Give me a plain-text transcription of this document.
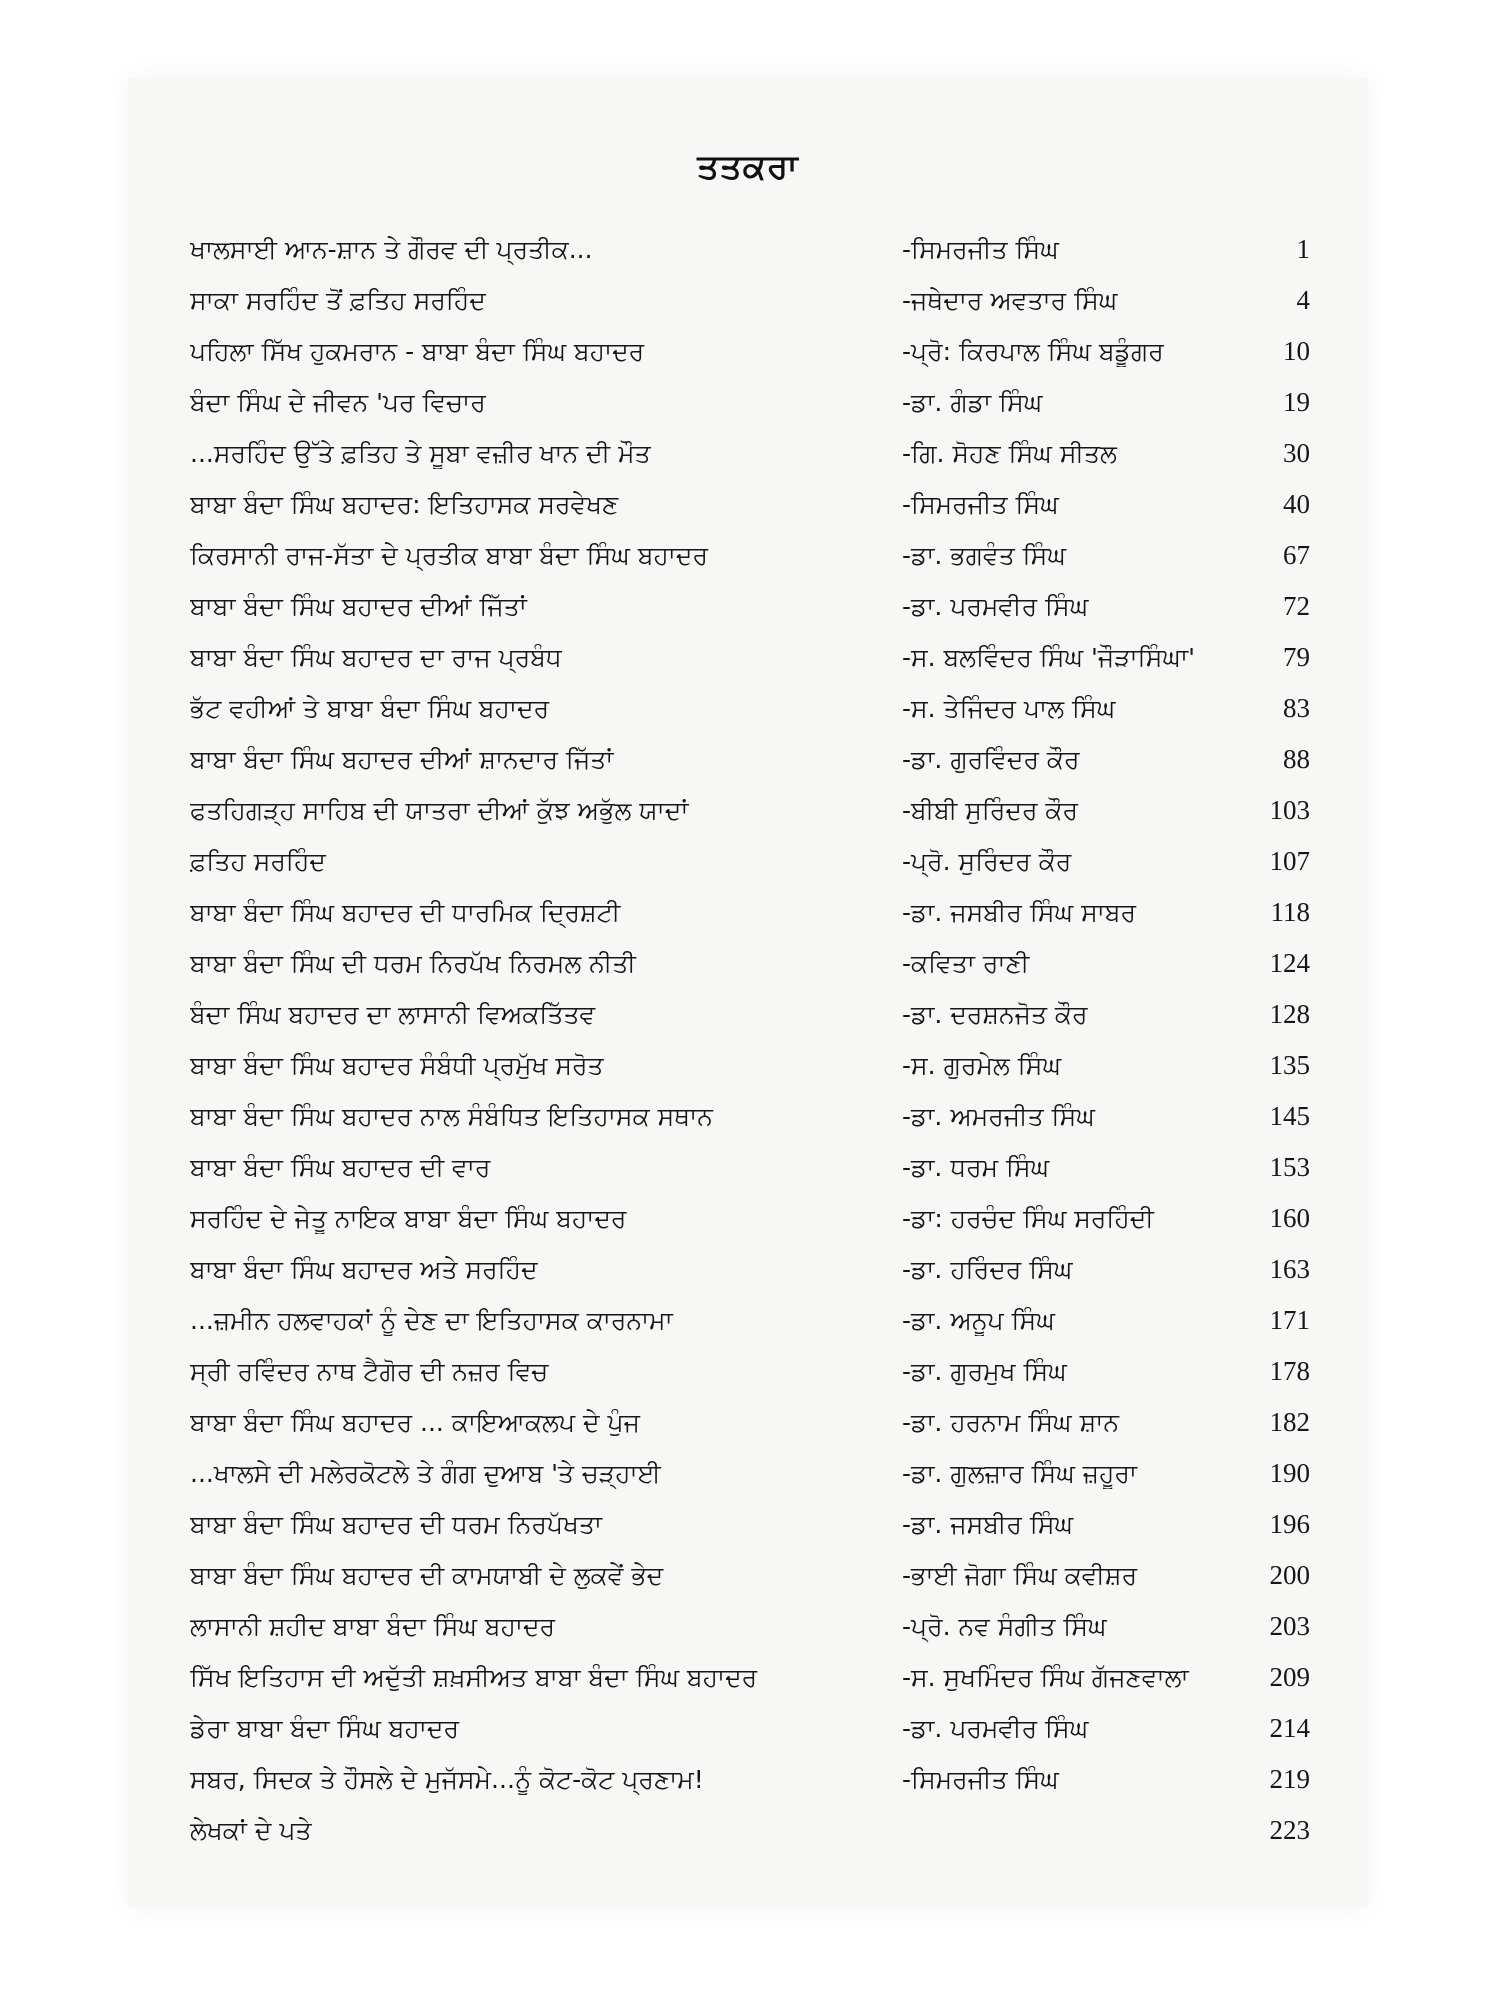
ਤਤਕਰਾ
ਖਾਲਸਾਈ ਆਨ-ਸ਼ਾਨ ਤੇ ਗੌਰਵ ਦੀ ਪ੍ਰਤੀਕ...	-ਸਿਮਰਜੀਤ ਸਿੰਘ	1
ਸਾਕਾ ਸਰਹਿੰਦ ਤੋਂ ਫ਼ਤਿਹ ਸਰਹਿੰਦ	-ਜਥੇਦਾਰ ਅਵਤਾਰ ਸਿੰਘ	4
ਪਹਿਲਾ ਸਿੱਖ ਹੁਕਮਰਾਨ - ਬਾਬਾ ਬੰਦਾ ਸਿੰਘ ਬਹਾਦਰ	-ਪ੍ਰੋ: ਕਿਰਪਾਲ ਸਿੰਘ ਬਡੂੰਗਰ	10
ਬੰਦਾ ਸਿੰਘ ਦੇ ਜੀਵਨ 'ਪਰ ਵਿਚਾਰ	-ਡਾ. ਗੰਡਾ ਸਿੰਘ	19
...ਸਰਹਿੰਦ ਉੱਤੇ ਫ਼ਤਿਹ ਤੇ ਸੂਬਾ ਵਜ਼ੀਰ ਖਾਨ ਦੀ ਮੌਤ	-ਗਿ. ਸੋਹਣ ਸਿੰਘ ਸੀਤਲ	30
ਬਾਬਾ ਬੰਦਾ ਸਿੰਘ ਬਹਾਦਰ: ਇਤਿਹਾਸਕ ਸਰਵੇਖਣ	-ਸਿਮਰਜੀਤ ਸਿੰਘ	40
ਕਿਰਸਾਨੀ ਰਾਜ-ਸੱਤਾ ਦੇ ਪ੍ਰਤੀਕ ਬਾਬਾ ਬੰਦਾ ਸਿੰਘ ਬਹਾਦਰ	-ਡਾ. ਭਗਵੰਤ ਸਿੰਘ	67
ਬਾਬਾ ਬੰਦਾ ਸਿੰਘ ਬਹਾਦਰ ਦੀਆਂ ਜਿੱਤਾਂ	-ਡਾ. ਪਰਮਵੀਰ ਸਿੰਘ	72
ਬਾਬਾ ਬੰਦਾ ਸਿੰਘ ਬਹਾਦਰ ਦਾ ਰਾਜ ਪ੍ਰਬੰਧ	-ਸ. ਬਲਵਿੰਦਰ ਸਿੰਘ 'ਜੌੜਾਸਿੰਘਾ'	79
ਭੱਟ ਵਹੀਆਂ ਤੇ ਬਾਬਾ ਬੰਦਾ ਸਿੰਘ ਬਹਾਦਰ	-ਸ. ਤੇਜਿੰਦਰ ਪਾਲ ਸਿੰਘ	83
ਬਾਬਾ ਬੰਦਾ ਸਿੰਘ ਬਹਾਦਰ ਦੀਆਂ ਸ਼ਾਨਦਾਰ ਜਿੱਤਾਂ	-ਡਾ. ਗੁਰਵਿੰਦਰ ਕੌਰ	88
ਫਤਹਿਗੜ੍ਹ ਸਾਹਿਬ ਦੀ ਯਾਤਰਾ ਦੀਆਂ ਕੁੱਝ ਅਭੁੱਲ ਯਾਦਾਂ	-ਬੀਬੀ ਸੁਰਿੰਦਰ ਕੌਰ	103
ਫ਼ਤਿਹ ਸਰਹਿੰਦ	-ਪ੍ਰੋ. ਸੁਰਿੰਦਰ ਕੌਰ	107
ਬਾਬਾ ਬੰਦਾ ਸਿੰਘ ਬਹਾਦਰ ਦੀ ਧਾਰਮਿਕ ਦ੍ਰਿਸ਼ਟੀ	-ਡਾ. ਜਸਬੀਰ ਸਿੰਘ ਸਾਬਰ	118
ਬਾਬਾ ਬੰਦਾ ਸਿੰਘ ਦੀ ਧਰਮ ਨਿਰਪੱਖ ਨਿਰਮਲ ਨੀਤੀ	-ਕਵਿਤਾ ਰਾਣੀ	124
ਬੰਦਾ ਸਿੰਘ ਬਹਾਦਰ ਦਾ ਲਾਸਾਨੀ ਵਿਅਕਤਿੱਤਵ	-ਡਾ. ਦਰਸ਼ਨਜੋਤ ਕੌਰ	128
ਬਾਬਾ ਬੰਦਾ ਸਿੰਘ ਬਹਾਦਰ ਸੰਬੰਧੀ ਪ੍ਰਮੁੱਖ ਸਰੋਤ	-ਸ. ਗੁਰਮੇਲ ਸਿੰਘ	135
ਬਾਬਾ ਬੰਦਾ ਸਿੰਘ ਬਹਾਦਰ ਨਾਲ ਸੰਬੰਧਿਤ ਇਤਿਹਾਸਕ ਸਥਾਨ	-ਡਾ. ਅਮਰਜੀਤ ਸਿੰਘ	145
ਬਾਬਾ ਬੰਦਾ ਸਿੰਘ ਬਹਾਦਰ ਦੀ ਵਾਰ	-ਡਾ. ਧਰਮ ਸਿੰਘ	153
ਸਰਹਿੰਦ ਦੇ ਜੇਤੂ ਨਾਇਕ ਬਾਬਾ ਬੰਦਾ ਸਿੰਘ ਬਹਾਦਰ	-ਡਾ: ਹਰਚੰਦ ਸਿੰਘ ਸਰਹਿੰਦੀ	160
ਬਾਬਾ ਬੰਦਾ ਸਿੰਘ ਬਹਾਦਰ ਅਤੇ ਸਰਹਿੰਦ	-ਡਾ. ਹਰਿੰਦਰ ਸਿੰਘ	163
...ਜ਼ਮੀਨ ਹਲਵਾਹਕਾਂ ਨੂੰ ਦੇਣ ਦਾ ਇਤਿਹਾਸਕ ਕਾਰਨਾਮਾ	-ਡਾ. ਅਨੂਪ ਸਿੰਘ	171
ਸ੍ਰੀ ਰਵਿੰਦਰ ਨਾਥ ਟੈਗੋਰ ਦੀ ਨਜ਼ਰ ਵਿਚ	-ਡਾ. ਗੁਰਮੁਖ ਸਿੰਘ	178
ਬਾਬਾ ਬੰਦਾ ਸਿੰਘ ਬਹਾਦਰ ... ਕਾਇਆਕਲਪ ਦੇ ਪੁੰਜ	-ਡਾ. ਹਰਨਾਮ ਸਿੰਘ ਸ਼ਾਨ	182
...ਖਾਲਸੇ ਦੀ ਮਲੇਰਕੋਟਲੇ ਤੇ ਗੰਗ ਦੁਆਬ 'ਤੇ ਚੜ੍ਹਾਈ	-ਡਾ. ਗੁਲਜ਼ਾਰ ਸਿੰਘ ਜ਼ਹੂਰਾ	190
ਬਾਬਾ ਬੰਦਾ ਸਿੰਘ ਬਹਾਦਰ ਦੀ ਧਰਮ ਨਿਰਪੱਖਤਾ	-ਡਾ. ਜਸਬੀਰ ਸਿੰਘ	196
ਬਾਬਾ ਬੰਦਾ ਸਿੰਘ ਬਹਾਦਰ ਦੀ ਕਾਮਯਾਬੀ ਦੇ ਲੁਕਵੇਂ ਭੇਦ	-ਭਾਈ ਜੋਗਾ ਸਿੰਘ ਕਵੀਸ਼ਰ	200
ਲਾਸਾਨੀ ਸ਼ਹੀਦ ਬਾਬਾ ਬੰਦਾ ਸਿੰਘ ਬਹਾਦਰ	-ਪ੍ਰੋ. ਨਵ ਸੰਗੀਤ ਸਿੰਘ	203
ਸਿੱਖ ਇਤਿਹਾਸ ਦੀ ਅਦੁੱਤੀ ਸ਼ਖ਼ਸੀਅਤ ਬਾਬਾ ਬੰਦਾ ਸਿੰਘ ਬਹਾਦਰ	-ਸ. ਸੁਖਮਿੰਦਰ ਸਿੰਘ ਗੱਜਣਵਾਲਾ	209
ਡੇਰਾ ਬਾਬਾ ਬੰਦਾ ਸਿੰਘ ਬਹਾਦਰ	-ਡਾ. ਪਰਮਵੀਰ ਸਿੰਘ	214
ਸਬਰ, ਸਿਦਕ ਤੇ ਹੌਸਲੇ ਦੇ ਮੁਜੱਸਮੇ...ਨੂੰ ਕੋਟ-ਕੋਟ ਪ੍ਰਣਾਮ!	-ਸਿਮਰਜੀਤ ਸਿੰਘ	219
ਲੇਖਕਾਂ ਦੇ ਪਤੇ	223
